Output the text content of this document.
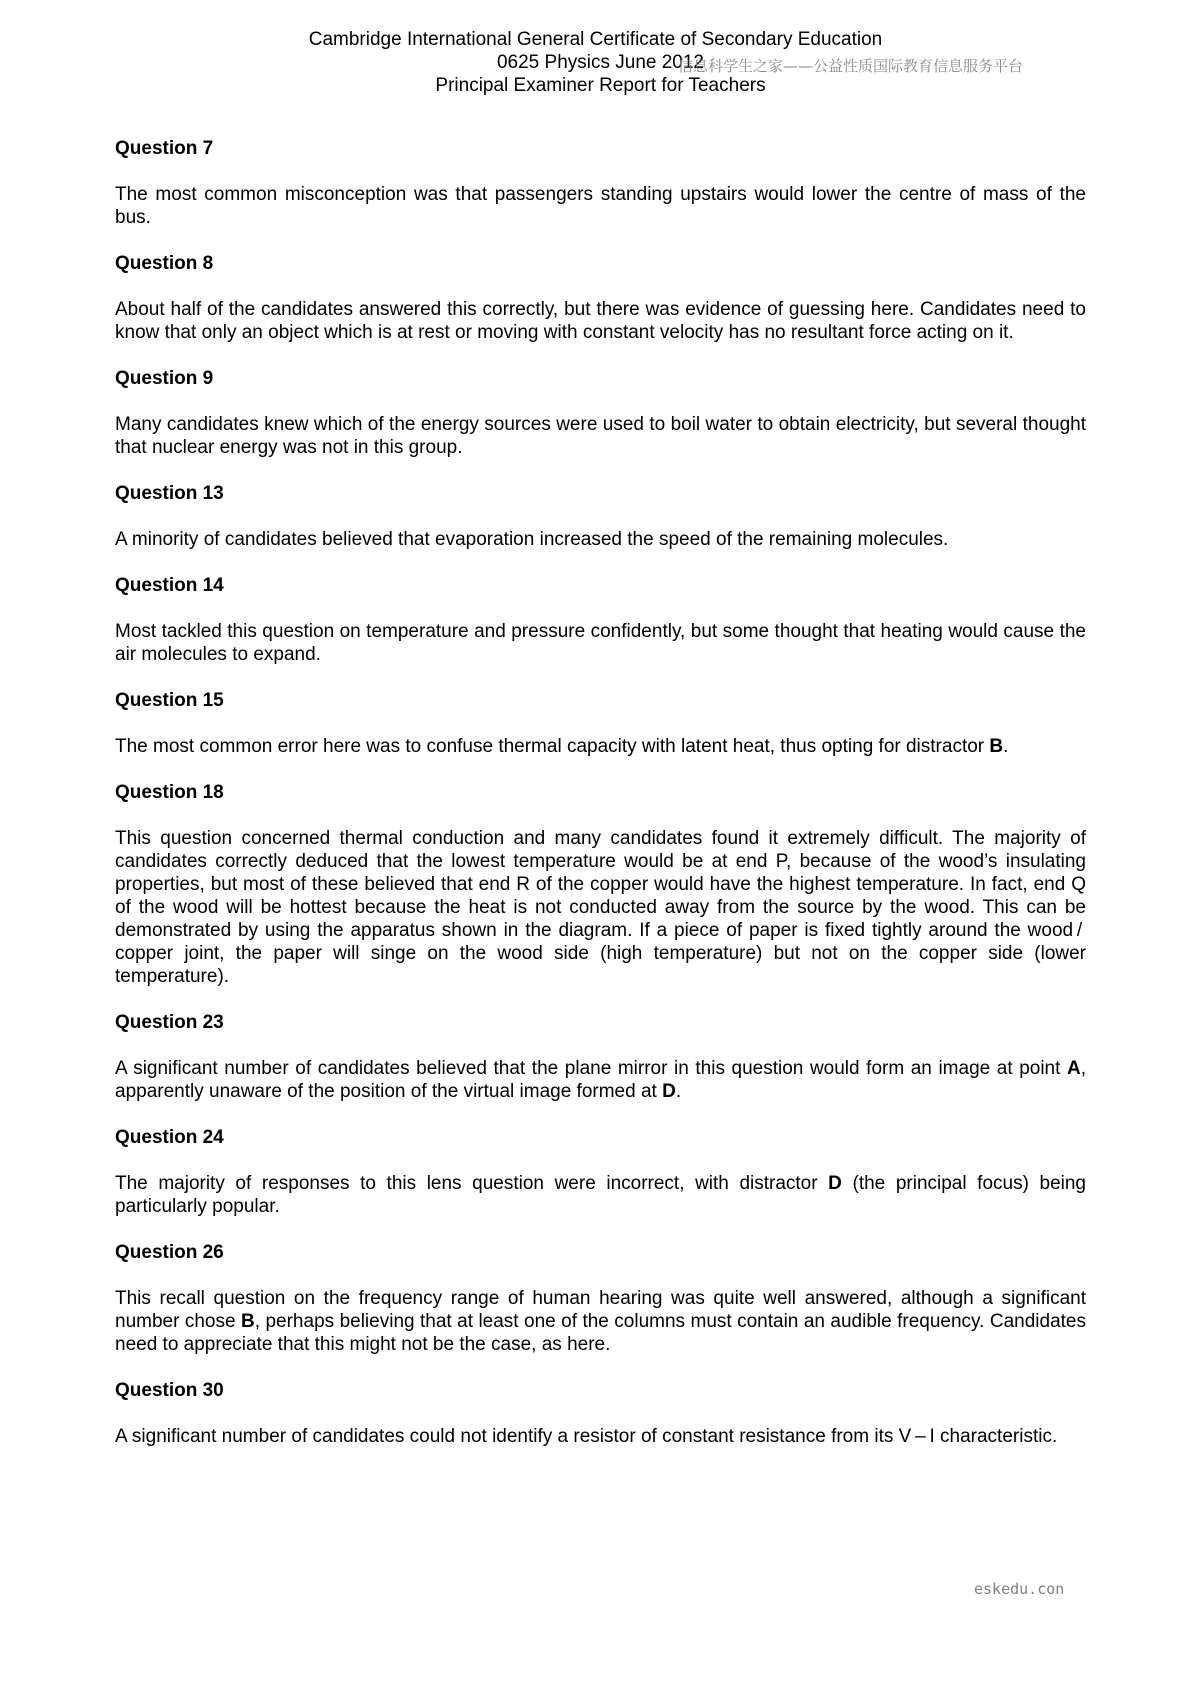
Cambridge International General Certificate of Secondary Education
0625 Physics June 2012
Principal Examiner Report for Teachers
信息科学生之家——公益性质国际教育信息服务平台
Question 7
The most common misconception was that passengers standing upstairs would lower the centre of mass of the bus.
Question 8
About half of the candidates answered this correctly, but there was evidence of guessing here. Candidates need to know that only an object which is at rest or moving with constant velocity has no resultant force acting on it.
Question 9
Many candidates knew which of the energy sources were used to boil water to obtain electricity, but several thought that nuclear energy was not in this group.
Question 13
A minority of candidates believed that evaporation increased the speed of the remaining molecules.
Question 14
Most tackled this question on temperature and pressure confidently, but some thought that heating would cause the air molecules to expand.
Question 15
The most common error here was to confuse thermal capacity with latent heat, thus opting for distractor B.
Question 18
This question concerned thermal conduction and many candidates found it extremely difficult. The majority of candidates correctly deduced that the lowest temperature would be at end P, because of the wood’s insulating properties, but most of these believed that end R of the copper would have the highest temperature. In fact, end Q of the wood will be hottest because the heat is not conducted away from the source by the wood. This can be demonstrated by using the apparatus shown in the diagram. If a piece of paper is fixed tightly around the wood / copper joint, the paper will singe on the wood side (high temperature) but not on the copper side (lower temperature).
Question 23
A significant number of candidates believed that the plane mirror in this question would form an image at point A, apparently unaware of the position of the virtual image formed at D.
Question 24
The majority of responses to this lens question were incorrect, with distractor D (the principal focus) being particularly popular.
Question 26
This recall question on the frequency range of human hearing was quite well answered, although a significant number chose B, perhaps believing that at least one of the columns must contain an audible frequency. Candidates need to appreciate that this might not be the case, as here.
Question 30
A significant number of candidates could not identify a resistor of constant resistance from its V – I characteristic.
eskedu.con
